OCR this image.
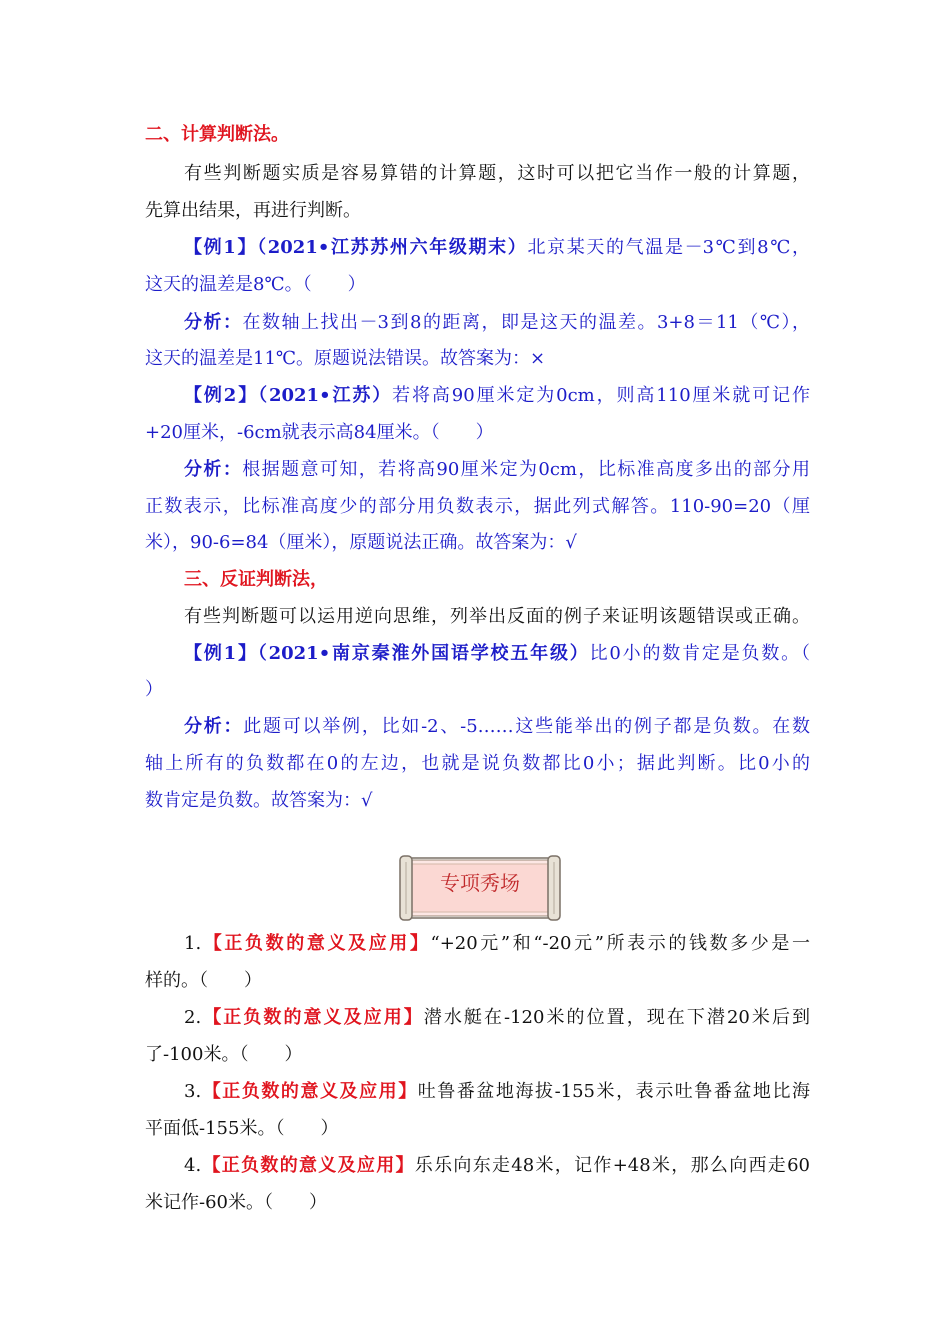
二、计算判断法。
有些判断题实质是容易算错的计算题，这时可以把它当作一般的计算题，
先算出结果，再进行判断。
【例1】（2021•江苏苏州六年级期末）北京某天的气温是－3℃到8℃，
这天的温差是8℃。（　　）
分析：在数轴上找出－3到8的距离，即是这天的温差。3+8＝11（℃），
这天的温差是11℃。原题说法错误。故答案为：×
【例2】（2021•江苏）若将高90厘米定为0cm，则高110厘米就可记作
+20厘米，-6cm就表示高84厘米。（　　）
分析：根据题意可知，若将高90厘米定为0cm，比标准高度多出的部分用
正数表示，比标准高度少的部分用负数表示，据此列式解答。110-90=20（厘
米），90-6=84（厘米），原题说法正确。故答案为：√
三、反证判断法，
有些判断题可以运用逆向思维，列举出反面的例子来证明该题错误或正确。
【例1】（2021•南京秦淮外国语学校五年级）比0小的数肯定是负数。（
）
分析：此题可以举例，比如-2、-5……这些能举出的例子都是负数。在数
轴上所有的负数都在0的左边，也就是说负数都比0小；据此判断。比0小的
数肯定是负数。故答案为：√
专项秀场
1.【正负数的意义及应用】“+20元”和“-20元”所表示的钱数多少是一
样的。（　　）
2.【正负数的意义及应用】潜水艇在-120米的位置，现在下潜20米后到
了-100米。（　　）
3.【正负数的意义及应用】吐鲁番盆地海拔-155米，表示吐鲁番盆地比海
平面低-155米。（　　）
4.【正负数的意义及应用】乐乐向东走48米，记作+48米，那么向西走60
米记作-60米。（　　）
